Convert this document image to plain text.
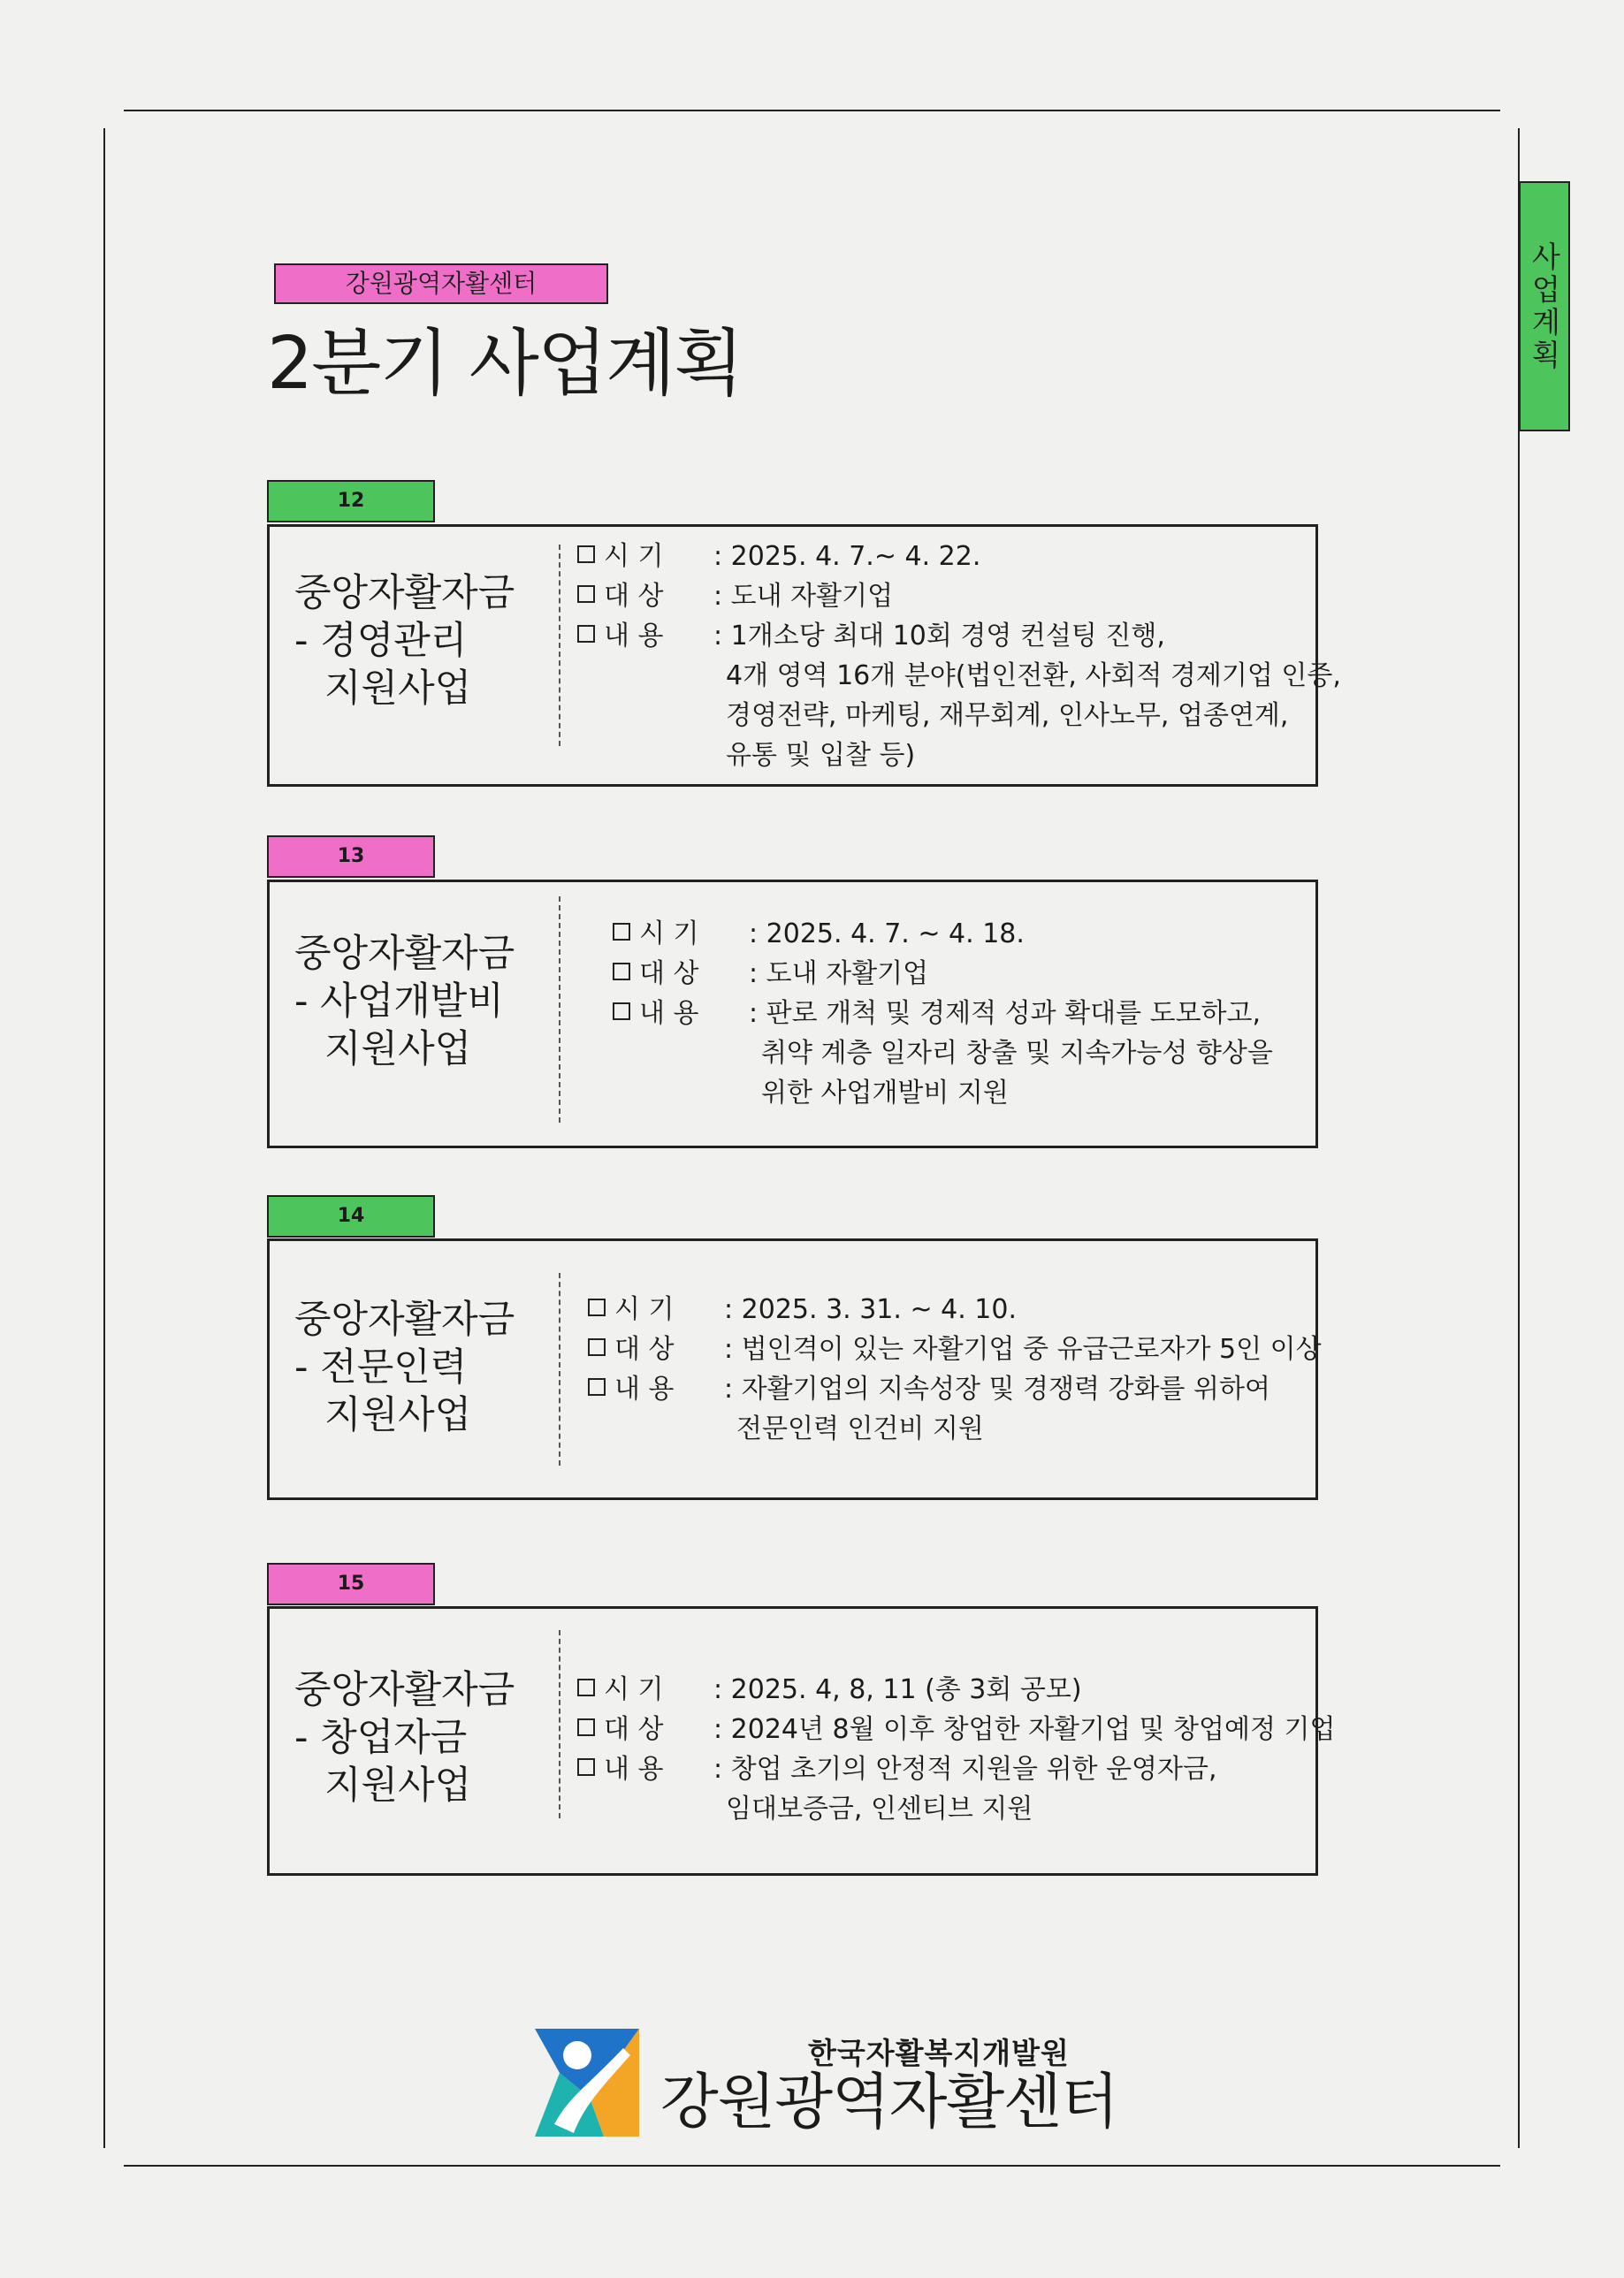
강원광역자활센터
2분기 사업계획	사업계획
12
중앙자활자금
- 경영관리
지원사업
시 기	: 2025. 4. 7.~ 4. 22.
대 상	: 도내 자활기업
내 용	: 1개소당 최대 10회 경영 컨설팅 진행,
4개 영역 16개 분야(법인전환, 사회적 경제기업 인증,
경영전략, 마케팅, 재무회계, 인사노무, 업종연계,
유통 및 입찰 등)
13
중앙자활자금
- 사업개발비
지원사업
시 기	: 2025. 4. 7. ~ 4. 18.
대 상	: 도내 자활기업
내 용	: 판로 개척 및 경제적 성과 확대를 도모하고,
취약 계층 일자리 창출 및 지속가능성 향상을
위한 사업개발비 지원
14
중앙자활자금
- 전문인력
지원사업
시 기	: 2025. 3. 31. ~ 4. 10.
대 상	: 법인격이 있는 자활기업 중 유급근로자가 5인 이상
내 용	: 자활기업의 지속성장 및 경쟁력 강화를 위하여
전문인력 인건비 지원
15
중앙자활자금
- 창업자금
지원사업
시 기	: 2025. 4, 8, 11 (총 3회 공모)
대 상	: 2024년 8월 이후 창업한 자활기업 및 창업예정 기업
내 용	: 창업 초기의 안정적 지원을 위한 운영자금,
임대보증금, 인센티브 지원
한국자활복지개발원
강원광역자활센터
